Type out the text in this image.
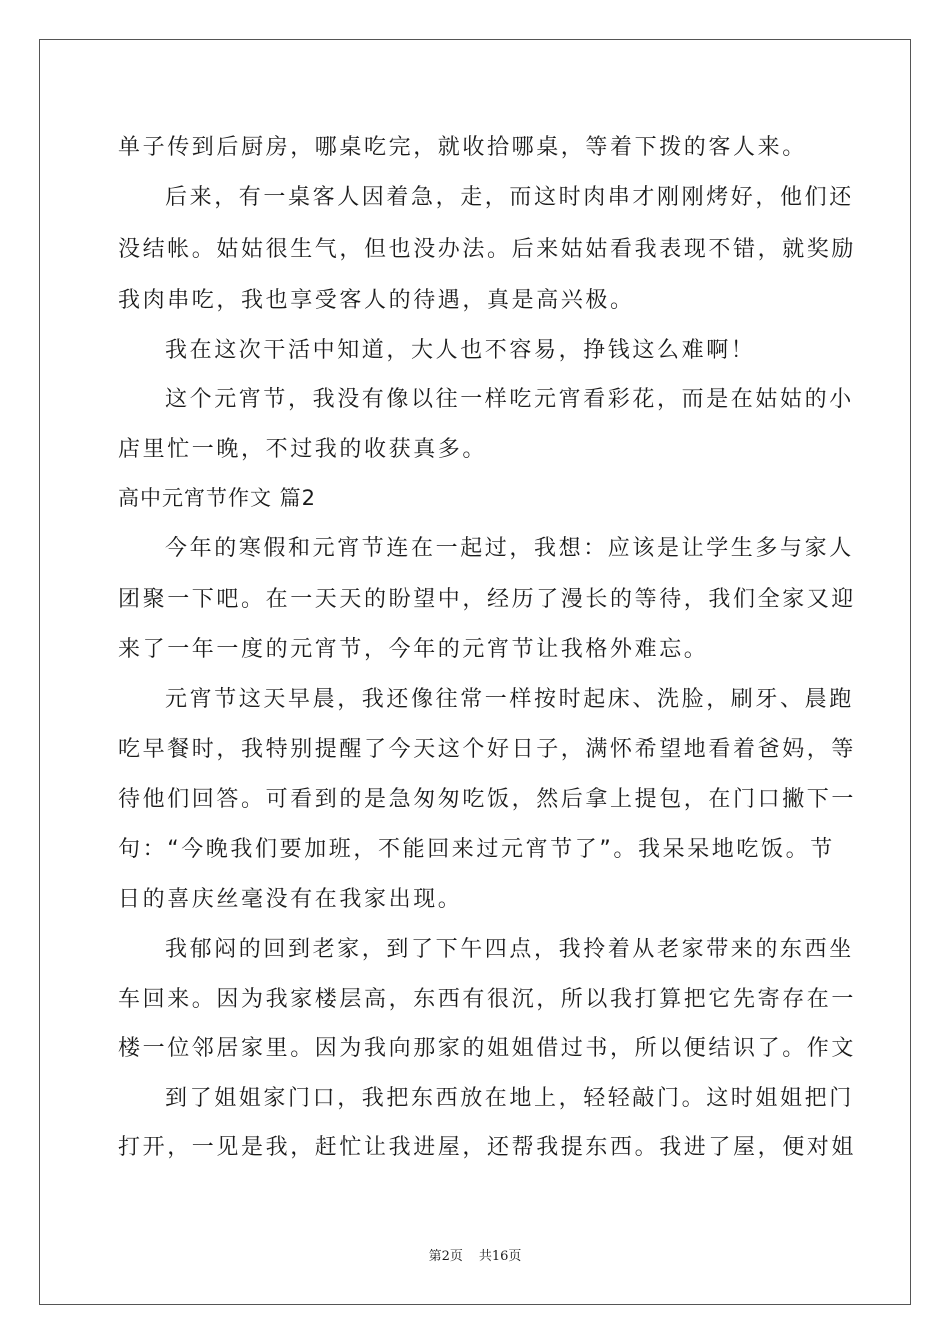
单子传到后厨房，哪桌吃完，就收拾哪桌，等着下拨的客人来。
后来，有一桌客人因着急，走，而这时肉串才刚刚烤好，他们还
没结帐。姑姑很生气，但也没办法。后来姑姑看我表现不错，就奖励
我肉串吃，我也享受客人的待遇，真是高兴极。
我在这次干活中知道，大人也不容易，挣钱这么难啊！
这个元宵节，我没有像以往一样吃元宵看彩花，而是在姑姑的小
店里忙一晚，不过我的收获真多。
高中元宵节作文 篇2
今年的寒假和元宵节连在一起过，我想：应该是让学生多与家人
团聚一下吧。在一天天的盼望中，经历了漫长的等待，我们全家又迎
来了一年一度的元宵节，今年的元宵节让我格外难忘。
元宵节这天早晨，我还像往常一样按时起床、洗脸，刷牙、晨跑
吃早餐时，我特别提醒了今天这个好日子，满怀希望地看着爸妈，等
待他们回答。可看到的是急匆匆吃饭，然后拿上提包，在门口撇下一
句：“今晚我们要加班，不能回来过元宵节了”。我呆呆地吃饭。节
日的喜庆丝毫没有在我家出现。
我郁闷的回到老家，到了下午四点，我拎着从老家带来的东西坐
车回来。因为我家楼层高，东西有很沉，所以我打算把它先寄存在一
楼一位邻居家里。因为我向那家的姐姐借过书，所以便结识了。作文
到了姐姐家门口，我把东西放在地上，轻轻敲门。这时姐姐把门
打开，一见是我，赶忙让我进屋，还帮我提东西。我进了屋，便对姐
第2页 共16页
